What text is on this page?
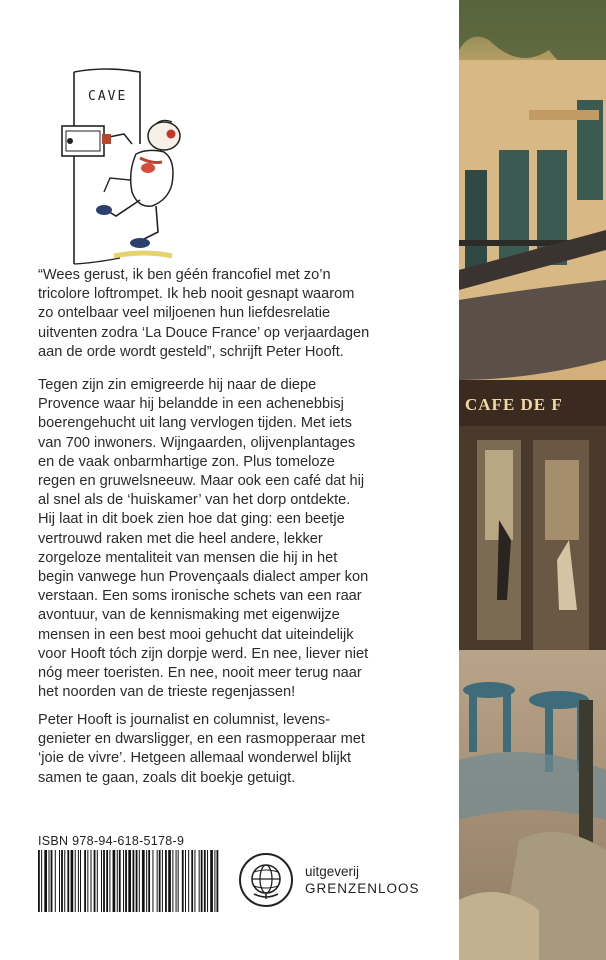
CAVE

“Wees gerust, ik ben géén francofiel met zo’n
tricolore loftrompet. Ik heb nooit gesnapt waarom
zo ontelbaar veel miljoenen hun liefdesrelatie
uitventen zodra ‘La Douce France’ op verjaardagen
aan de orde wordt gesteld”, schrijft Peter Hooft.

Tegen zijn zin emigreerde hij naar de diepe
Provence waar hij belandde in een achenebbisj
boerengehucht uit lang vervlogen tijden. Met iets
van 700 inwoners. Wijngaarden, olijvenplantages
en de vaak onbarmhartige zon. Plus tomeloze
regen en gruwelsneeuw. Maar ook een café dat hij
al snel als de ‘huiskamer’ van het dorp ontdekte.
Hij laat in dit boek zien hoe dat ging: een beetje
vertrouwd raken met die heel andere, lekker
zorgeloze mentaliteit van mensen die hij in het
begin vanwege hun Provençaals dialect amper kon
verstaan. Een soms ironische schets van een raar
avontuur, van de kennismaking met eigenwijze
mensen in een best mooi gehucht dat uiteindelijk
voor Hooft tóch zijn dorpje werd. En nee, liever niet
nóg meer toeristen. En nee, nooit meer terug naar
het noorden van de trieste regenjassen!

Peter Hooft is journalist en columnist, levens-
genieter en dwarsligger, en een rasmopperaar met
‘joie de vivre’. Hetgeen allemaal wonderwel blijkt
samen te gaan, zoals dit boekje getuigt.

ISBN 978-94-618-5178-9
uitgeverij
GRENZENLOOS
CAFE DE F
